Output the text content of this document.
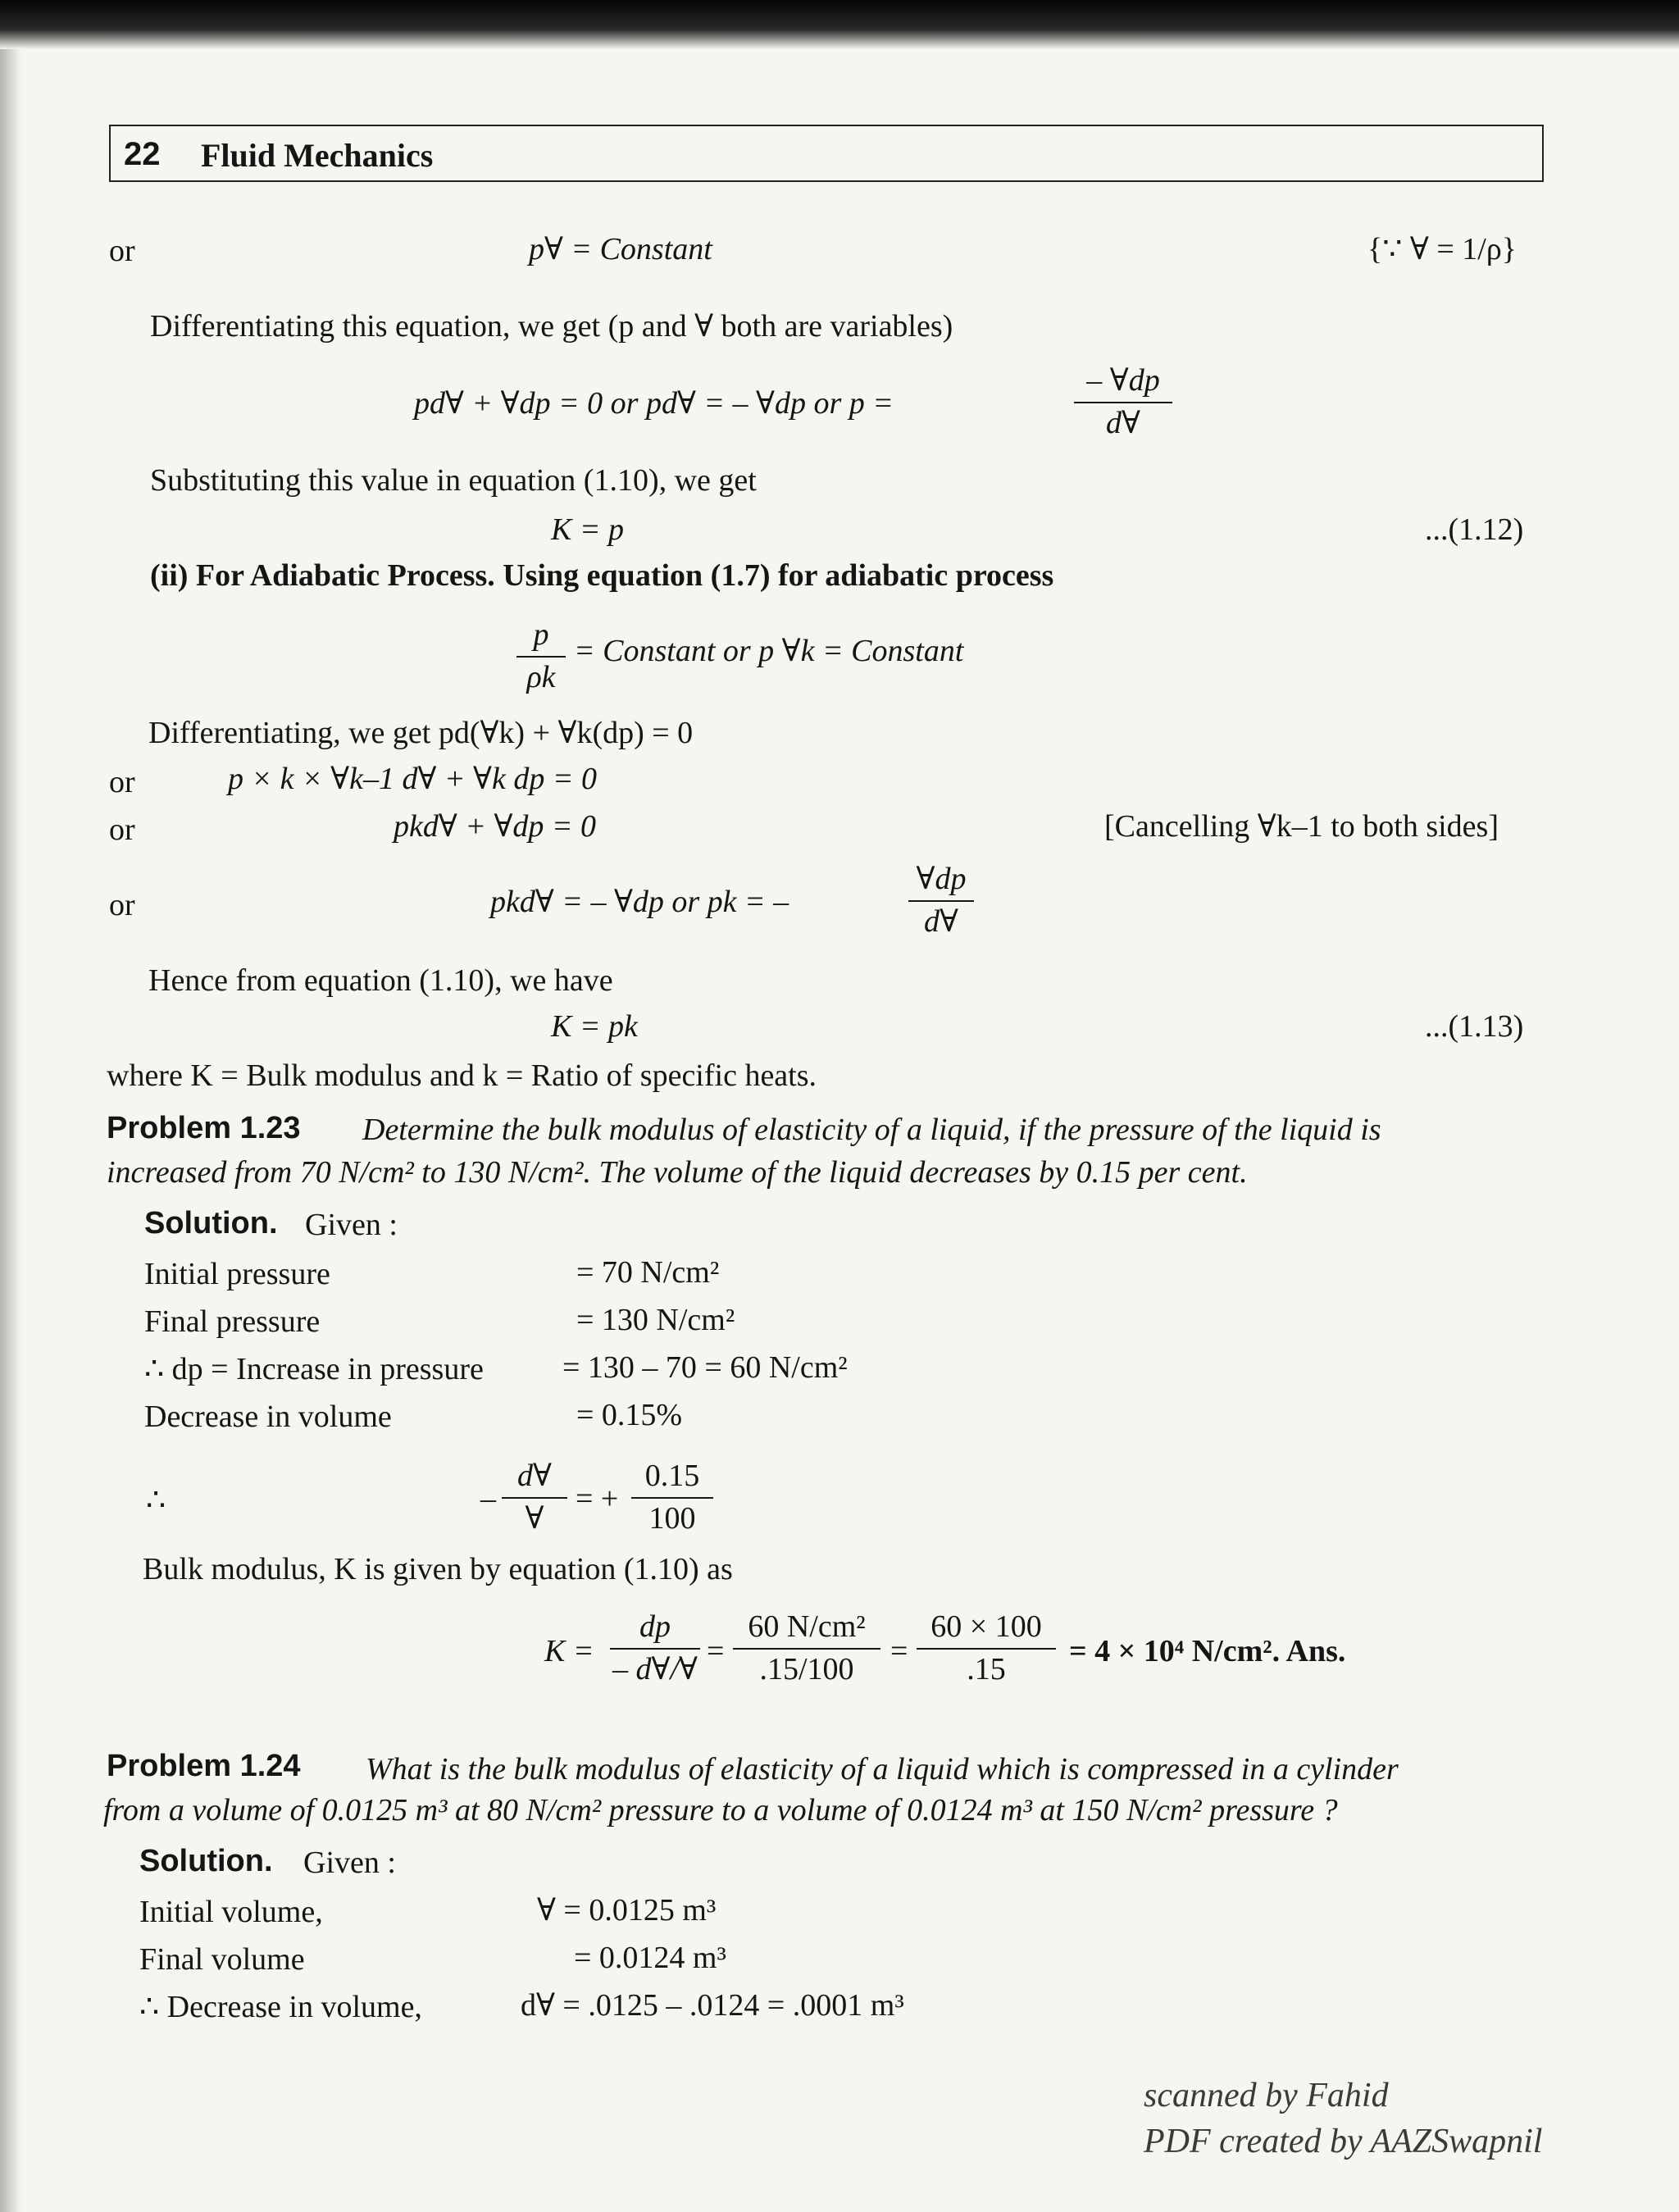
22 Fluid Mechanics
or	p∀ = Constant	{∵ ∀ = 1/ρ}
Differentiating this equation, we get (p and ∀ both are variables)
pd∀ + ∀dp = 0 or pd∀ = – ∀dp or p =
– ∀dp
d∀
Substituting this value in equation (1.10), we get
K = p	...(1.12)
(ii) For Adiabatic Process. Using equation (1.7) for adiabatic process
p
ρk
= Constant or p ∀k = Constant
Differentiating, we get pd(∀k) + ∀k(dp) = 0
or	p × k × ∀k–1 d∀ + ∀k dp = 0
or	pkd∀ + ∀dp = 0	[Cancelling ∀k–1 to both sides]
or	pkd∀ = – ∀dp or pk = –
∀dp
d∀
Hence from equation (1.10), we have
K = pk	...(1.13)
where K = Bulk modulus and k = Ratio of specific heats.
Problem 1.23 Determine the bulk modulus of elasticity of a liquid, if the pressure of the liquid is
increased from 70 N/cm² to 130 N/cm². The volume of the liquid decreases by 0.15 per cent.
Solution. Given :
Initial pressure	= 70 N/cm²
Final pressure	= 130 N/cm²
∴ dp = Increase in pressure	= 130 – 70 = 60 N/cm²
Decrease in volume	= 0.15%
∴	–
d∀
∀
= +
0.15
100
Bulk modulus, K is given by equation (1.10) as
K =
dp
– d∀/∀
=
60 N/cm²
.15/100
=
60 × 100
.15
= 4 × 10⁴ N/cm². Ans.
Problem 1.24 What is the bulk modulus of elasticity of a liquid which is compressed in a cylinder
from a volume of 0.0125 m³ at 80 N/cm² pressure to a volume of 0.0124 m³ at 150 N/cm² pressure ?
Solution. Given :
Initial volume,	∀ = 0.0125 m³
Final volume	= 0.0124 m³
∴ Decrease in volume,	d∀ = .0125 – .0124 = .0001 m³
scanned by Fahid
PDF created by AAZSwapnil
